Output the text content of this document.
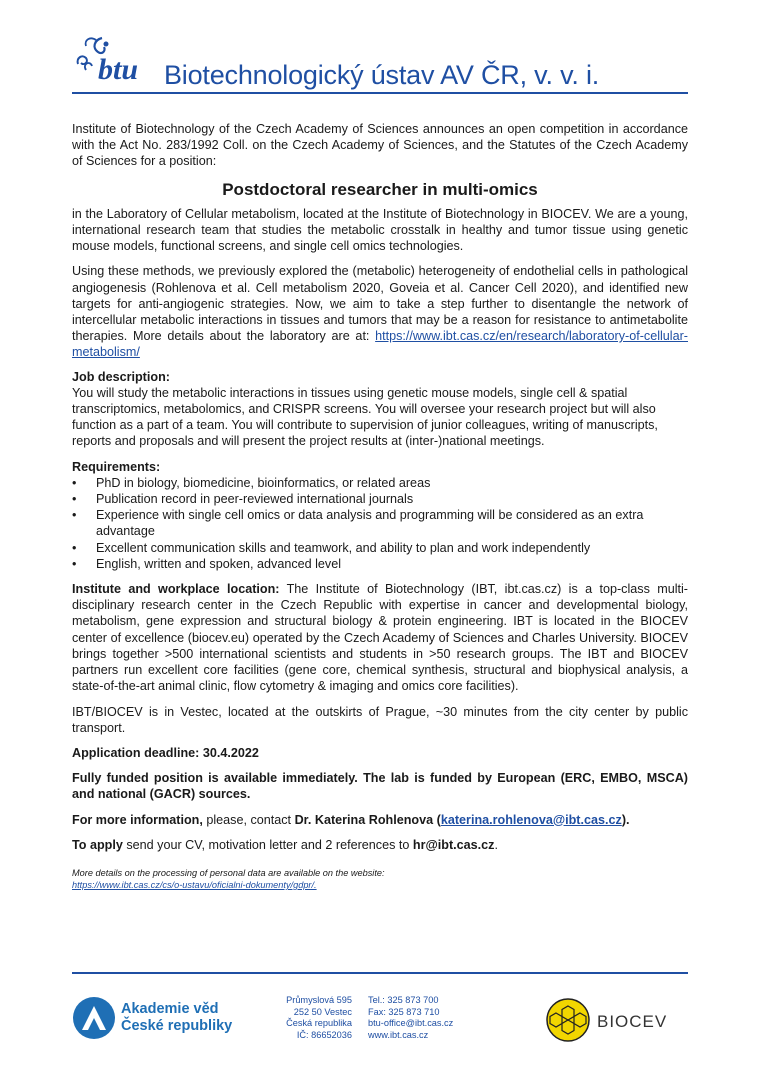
btu Biotechnologický ústav AV ČR, v. v. i.

Institute of Biotechnology of the Czech Academy of Sciences announces an open competition in accordance with the Act No. 283/1992 Coll. on the Czech Academy of Sciences, and the Statutes of the Czech Academy of Sciences for a position:

Postdoctoral researcher in multi-omics

in the Laboratory of Cellular metabolism, located at the Institute of Biotechnology in BIOCEV. We are a young, international research team that studies the metabolic crosstalk in healthy and tumor tissue using genetic mouse models, functional screens, and single cell omics technologies.

Using these methods, we previously explored the (metabolic) heterogeneity of endothelial cells in pathological angiogenesis (Rohlenova et al. Cell metabolism 2020, Goveia et al. Cancer Cell 2020), and identified new targets for anti-angiogenic strategies. Now, we aim to take a step further to disentangle the network of intercellular metabolic interactions in tissues and tumors that may be a reason for resistance to antimetabolite therapies. More details about the laboratory are at: https://www.ibt.cas.cz/en/research/laboratory-of-cellular-metabolism/

Job description:

You will study the metabolic interactions in tissues using genetic mouse models, single cell & spatial transcriptomics, metabolomics, and CRISPR screens. You will oversee your research project but will also function as a part of a team. You will contribute to supervision of junior colleagues, writing of manuscripts, reports and proposals and will present the project results at (inter-)national meetings.

Requirements:
• PhD in biology, biomedicine, bioinformatics, or related areas
• Publication record in peer-reviewed international journals
• Experience with single cell omics or data analysis and programming will be considered as an extra advantage
• Excellent communication skills and teamwork, and ability to plan and work independently
• English, written and spoken, advanced level

Institute and workplace location: The Institute of Biotechnology (IBT, ibt.cas.cz) is a top-class multi-disciplinary research center in the Czech Republic with expertise in cancer and developmental biology, metabolism, gene expression and structural biology & protein engineering. IBT is located in the BIOCEV center of excellence (biocev.eu) operated by the Czech Academy of Sciences and Charles University. BIOCEV brings together >500 international scientists and students in >50 research groups. The IBT and BIOCEV partners run excellent core facilities (gene core, chemical synthesis, structural and biophysical analysis, a state-of-the-art animal clinic, flow cytometry & imaging and omics core facilities).

IBT/BIOCEV is in Vestec, located at the outskirts of Prague, ~30 minutes from the city center by public transport.

Application deadline: 30.4.2022

Fully funded position is available immediately. The lab is funded by European (ERC, EMBO, MSCA) and national (GACR) sources.

For more information, please, contact Dr. Katerina Rohlenova (katerina.rohlenova@ibt.cas.cz).

To apply send your CV, motivation letter and 2 references to hr@ibt.cas.cz.

More details on the processing of personal data are available on the website:
https://www.ibt.cas.cz/cs/o-ustavu/oficialni-dokumenty/gdpr/.
Akademie věd
České republiky
Průmyslová 595
252 50 Vestec
Česká republika
IČ: 86652036
Tel.: 325 873 700
Fax: 325 873 710
btu-office@ibt.cas.cz
www.ibt.cas.cz
BIOCEV
